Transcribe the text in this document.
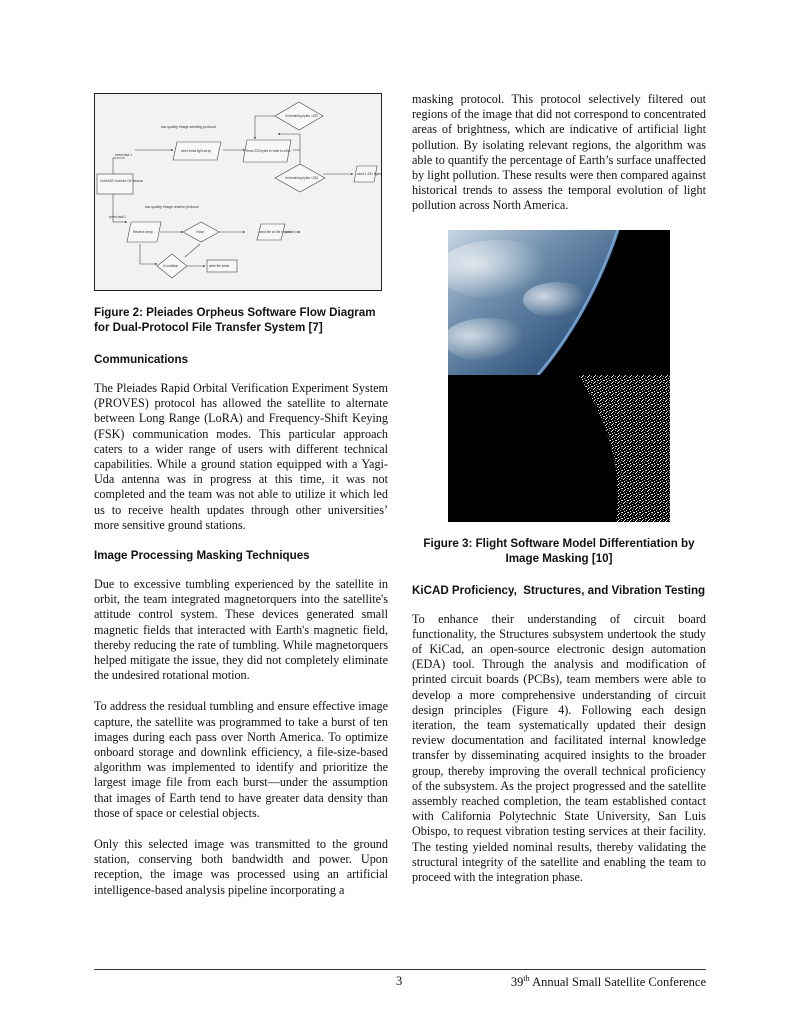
low quality image sending protocol
low quality image receive protocol
CubeSAT receives OK beacon
send initial light array	Send 233 bytes to write to a file
if remaining bytes >232
if remaining bytes <232
send 1-231 bytes
event task 1
event task 2
Receive array	if size	send file on file request
if condition	write file folder

Figure 2: Pleiades Orpheus Software Flow Diagram for Dual-Protocol File Transfer System [7]

Communications

The Pleiades Rapid Orbital Verification Experiment System (PROVES) protocol has allowed the satellite to alternate between Long Range (LoRA) and Frequency-Shift Keying (FSK) communication modes. This particular approach caters to a wider range of users with different technical capabilities. While a ground station equipped with a Yagi-Uda antenna was in progress at this time, it was not completed and the team was not able to utilize it which led us to receive health updates through other universities’ more sensitive ground stations.

Image Processing Masking Techniques

Due to excessive tumbling experienced by the satellite in orbit, the team integrated magnetorquers into the satellite's attitude control system. These devices generated small magnetic fields that interacted with Earth's magnetic field, thereby reducing the rate of tumbling. While magnetorquers helped mitigate the issue, they did not completely eliminate the undesired rotational motion.

To address the residual tumbling and ensure effective image capture, the satellite was programmed to take a burst of ten images during each pass over North America. To optimize onboard storage and downlink efficiency, a file-size-based algorithm was implemented to identify and prioritize the largest image file from each burst—under the assumption that images of Earth tend to have greater data density than those of space or celestial objects.

Only this selected image was transmitted to the ground station, conserving both bandwidth and power. Upon reception, the image was processed using an artificial intelligence-based analysis pipeline incorporating a

masking protocol. This protocol selectively filtered out regions of the image that did not correspond to concentrated areas of brightness, which are indicative of artificial light pollution. By isolating relevant regions, the algorithm was able to quantify the percentage of Earth’s surface unaffected by light pollution. These results were then compared against historical trends to assess the temporal evolution of light pollution across North America.

Figure 3: Flight Software Model Differentiation by Image Masking [10]

KiCAD Proficiency,  Structures, and Vibration Testing

To enhance their understanding of circuit board functionality, the Structures subsystem undertook the study of KiCad, an open-source electronic design automation (EDA) tool. Through the analysis and modification of printed circuit boards (PCBs), team members were able to develop a more comprehensive understanding of circuit design principles (Figure 4). Following each design iteration, the team systematically updated their design review documentation and facilitated internal knowledge transfer by disseminating acquired insights to the broader group, thereby improving the overall technical proficiency of the subsystem. As the project progressed and the satellite assembly reached completion, the team established contact with California Polytechnic State University, San Luis Obispo, to request vibration testing services at their facility. The testing yielded nominal results, thereby validating the structural integrity of the satellite and enabling the team to proceed with the integration phase.

3	39th Annual Small Satellite Conference
